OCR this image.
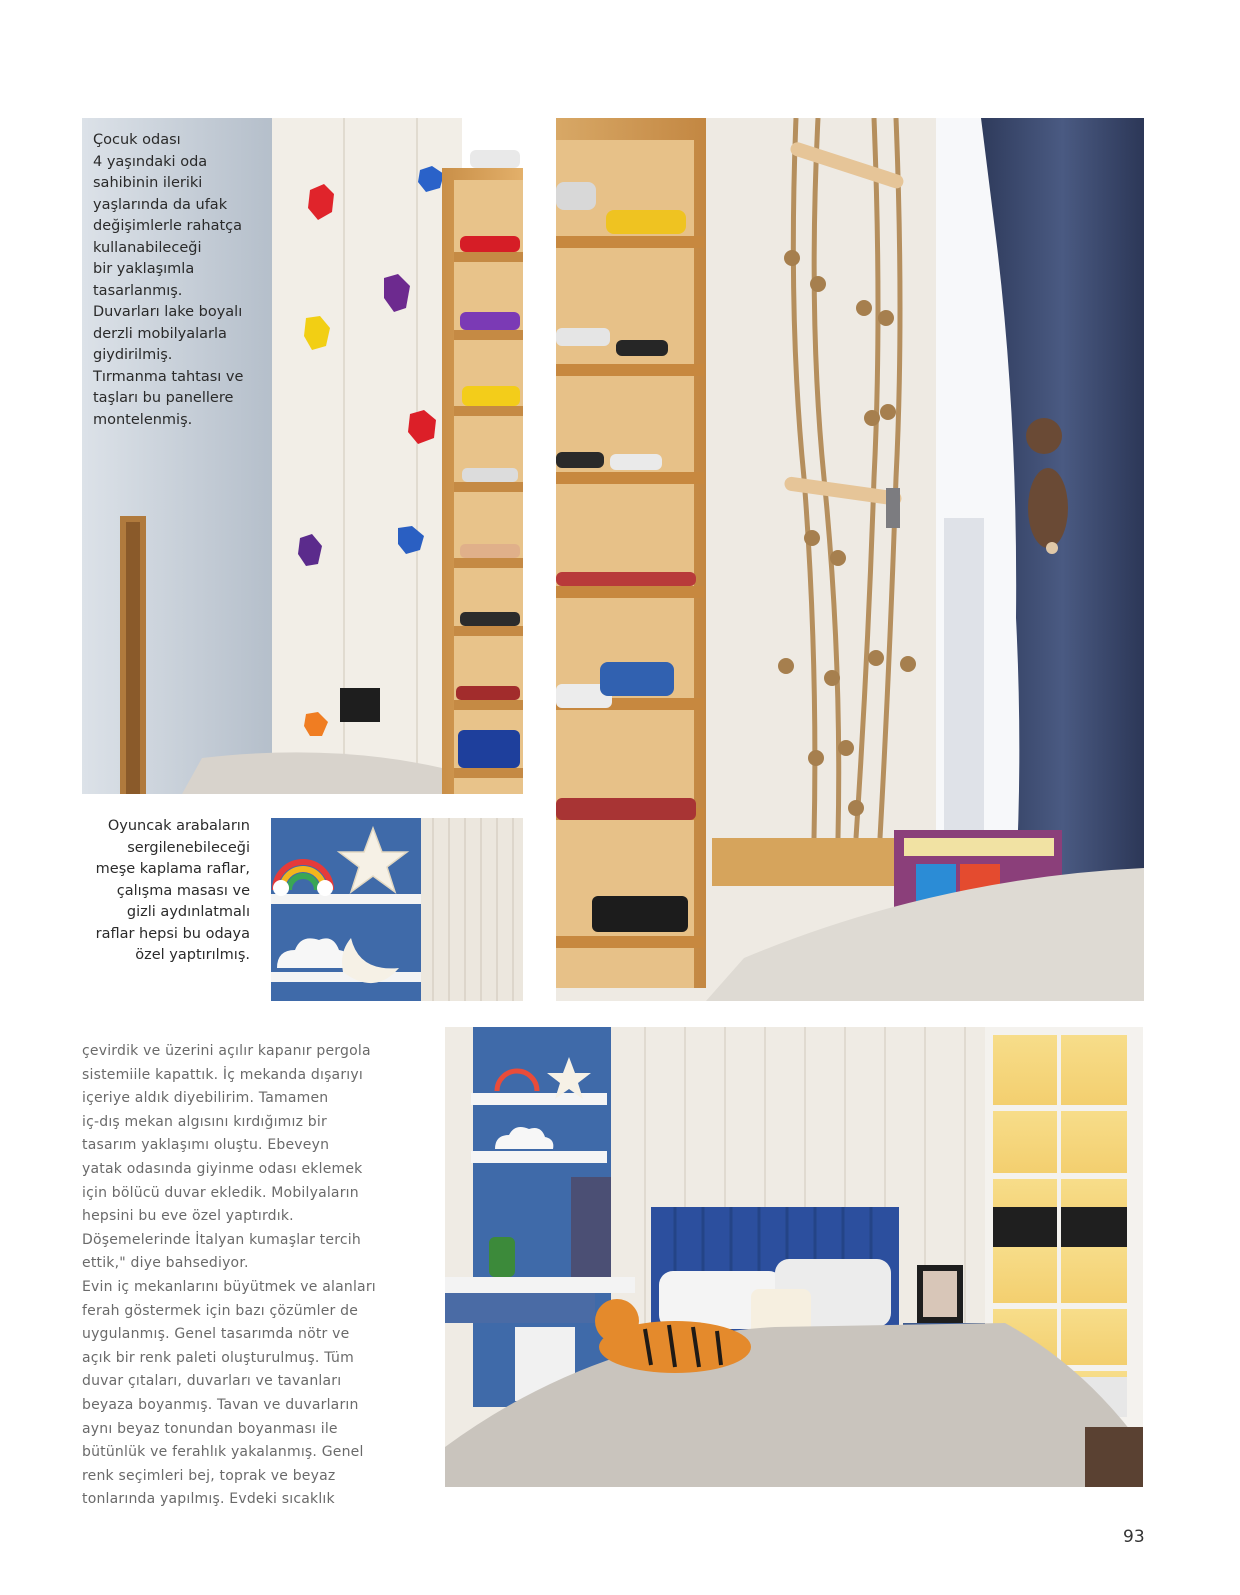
Çocuk odası
4 yaşındaki oda
sahibinin ileriki
yaşlarında da ufak
değişimlerle rahatça
kullanabileceği
bir yaklaşımla
tasarlanmış.
Duvarları lake boyalı
derzli mobilyalarla
giydirilmiş.
Tırmanma tahtası ve
taşları bu panellere
montelenmiş.
Oyuncak arabaların
sergilenebileceği
meşe kaplama raflar,
çalışma masası ve
gizli aydınlatmalı
raflar hepsi bu odaya
özel yaptırılmış.
çevirdik ve üzerini açılır kapanır pergola
sistemiile kapattık. İç mekanda dışarıyı
içeriye aldık diyebilirim. Tamamen
iç-dış mekan algısını kırdığımız bir
tasarım yaklaşımı oluştu. Ebeveyn
yatak odasında giyinme odası eklemek
için bölücü duvar ekledik. Mobilyaların
hepsini bu eve özel yaptırdık.
Döşemelerinde İtalyan kumaşlar tercih
ettik," diye bahsediyor.
Evin iç mekanlarını büyütmek ve alanları
ferah göstermek için bazı çözümler de
uygulanmış. Genel tasarımda nötr ve
açık bir renk paleti oluşturulmuş. Tüm
duvar çıtaları, duvarları ve tavanları
beyaza boyanmış. Tavan ve duvarların
aynı beyaz tonundan boyanması ile
bütünlük ve ferahlık yakalanmış. Genel
renk seçimleri bej, toprak ve beyaz
tonlarında yapılmış. Evdeki sıcaklık
93
